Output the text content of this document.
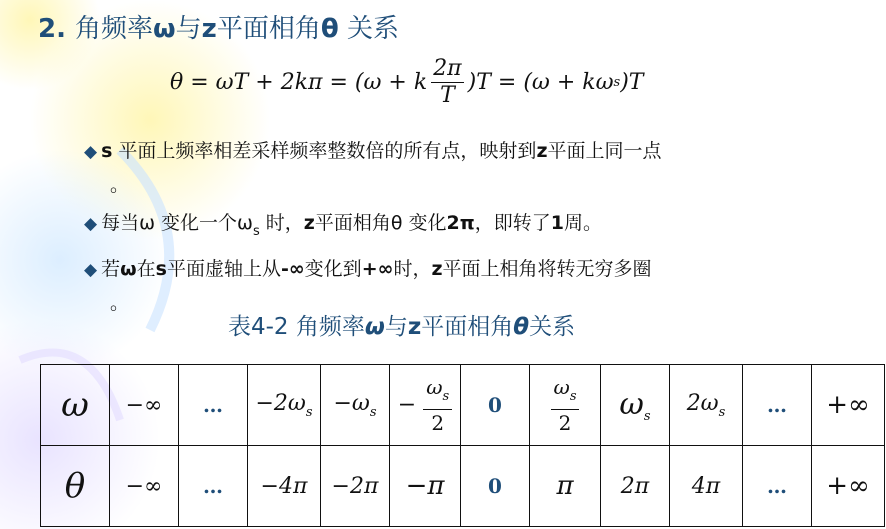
2. 角频率ω与z平面相角θ 关系
θ = ωT + 2kπ = (ω + k $\frac{2\pi}{T} )T = (\omega + k\omega$ s )T
◆ s 平面上频率相差采样频率整数倍的所有点，映射到z平面上同一点
。
◆ 每当ω 变化一个$\omega_s$ 时，z平面相角θ 变化2π，即转了1周。
◆ 若ω在s平面虚轴上从-∞变化到+∞时，z平面上相角将转无穷多圈
。
表4-2 角频率ω与z平面相角θ关系
ω	−∞	…	$-2\omega_s$	$-\omega_s$	− $\frac{\omega_s}{2}$	0	$\frac{\omega_s}{2}$	$\omega_s$	$2\omega_s$	…	+∞
θ	−∞	…	−4π	−2π	−π	0	π	2π	4π	…	+∞
